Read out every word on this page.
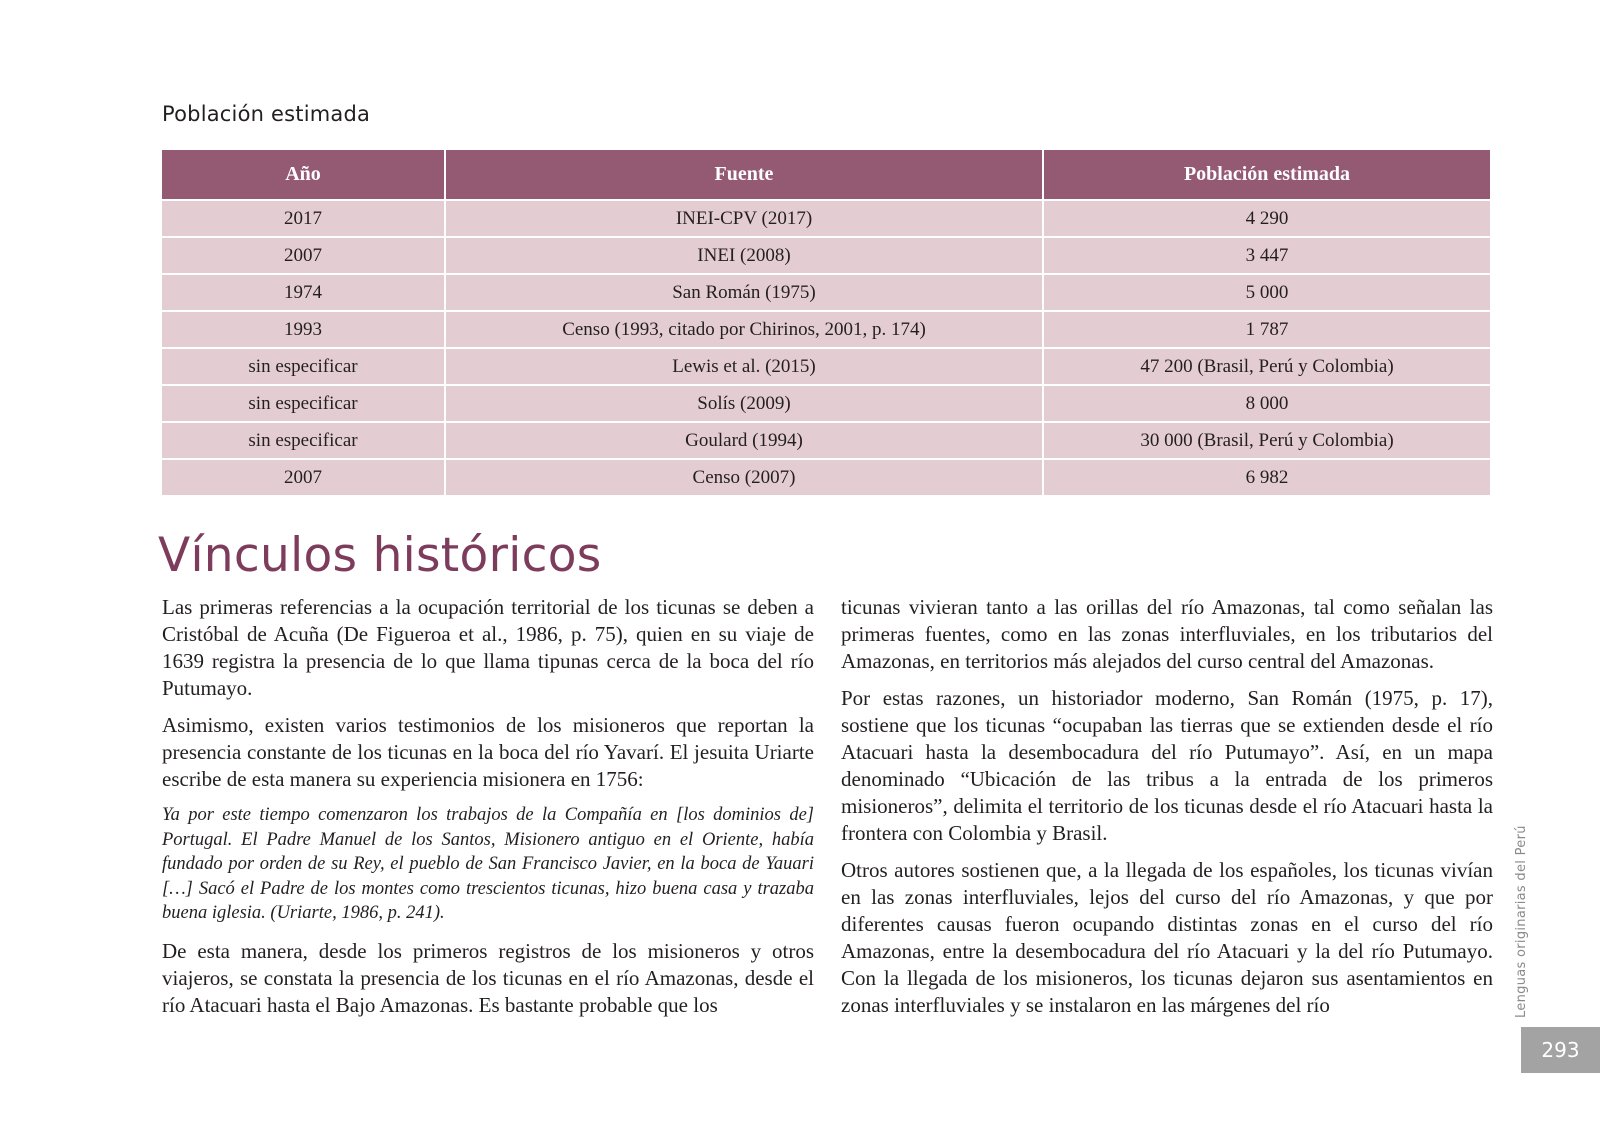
Población estimada
Año	Fuente	Población estimada
2017	INEI-CPV (2017)	4 290
2007	INEI (2008)	3 447
1974	San Román (1975)	5 000
1993	Censo (1993, citado por Chirinos, 2001, p. 174)	1 787
sin especificar	Lewis et al. (2015)	47 200 (Brasil, Perú y Colombia)
sin especificar	Solís (2009)	8 000
sin especificar	Goulard (1994)	30 000 (Brasil, Perú y Colombia)
2007	Censo (2007)	6 982
Vínculos históricos

Las primeras referencias a la ocupación territorial de los ticunas se deben a Cristóbal de Acuña (De Figueroa et al., 1986, p. 75), quien en su viaje de 1639 registra la presencia de lo que llama tipunas cerca de la boca del río Putumayo.

Asimismo, existen varios testimonios de los misioneros que reportan la presencia constante de los ticunas en la boca del río Yavarí. El jesuita Uriarte escribe de esta manera su experiencia misionera en 1756:

Ya por este tiempo comenzaron los trabajos de la Compañía en [los dominios de] Portugal. El Padre Manuel de los Santos, Misionero antiguo en el Oriente, había fundado por orden de su Rey, el pueblo de San Francisco Javier, en la boca de Yauari […] Sacó el Padre de los montes como trescientos ticunas, hizo buena casa y trazaba buena iglesia. (Uriarte, 1986, p. 241).

De esta manera, desde los primeros registros de los misioneros y otros viajeros, se constata la presencia de los ticunas en el río Amazonas, desde el río Atacuari hasta el Bajo Amazonas. Es bastante probable que los

ticunas vivieran tanto a las orillas del río Amazonas, tal como señalan las primeras fuentes, como en las zonas interfluviales, en los tributarios del Amazonas, en territorios más alejados del curso central del Amazonas.

Por estas razones, un historiador moderno, San Román (1975, p. 17), sostiene que los ticunas “ocupaban las tierras que se extienden desde el río Atacuari hasta la desembocadura del río Putumayo”. Así, en un mapa denominado “Ubicación de las tribus a la entrada de los primeros misioneros”, delimita el territorio de los ticunas desde el río Atacuari hasta la frontera con Colombia y Brasil.

Otros autores sostienen que, a la llegada de los españoles, los ticunas vivían en las zonas interfluviales, lejos del curso del río Amazonas, y que por diferentes causas fueron ocupando distintas zonas en el curso del río Amazonas, entre la desembocadura del río Atacuari y la del río Putumayo. Con la llegada de los misioneros, los ticunas dejaron sus asentamientos en zonas interfluviales y se instalaron en las márgenes del río	Lenguas originarias del Perú
293
